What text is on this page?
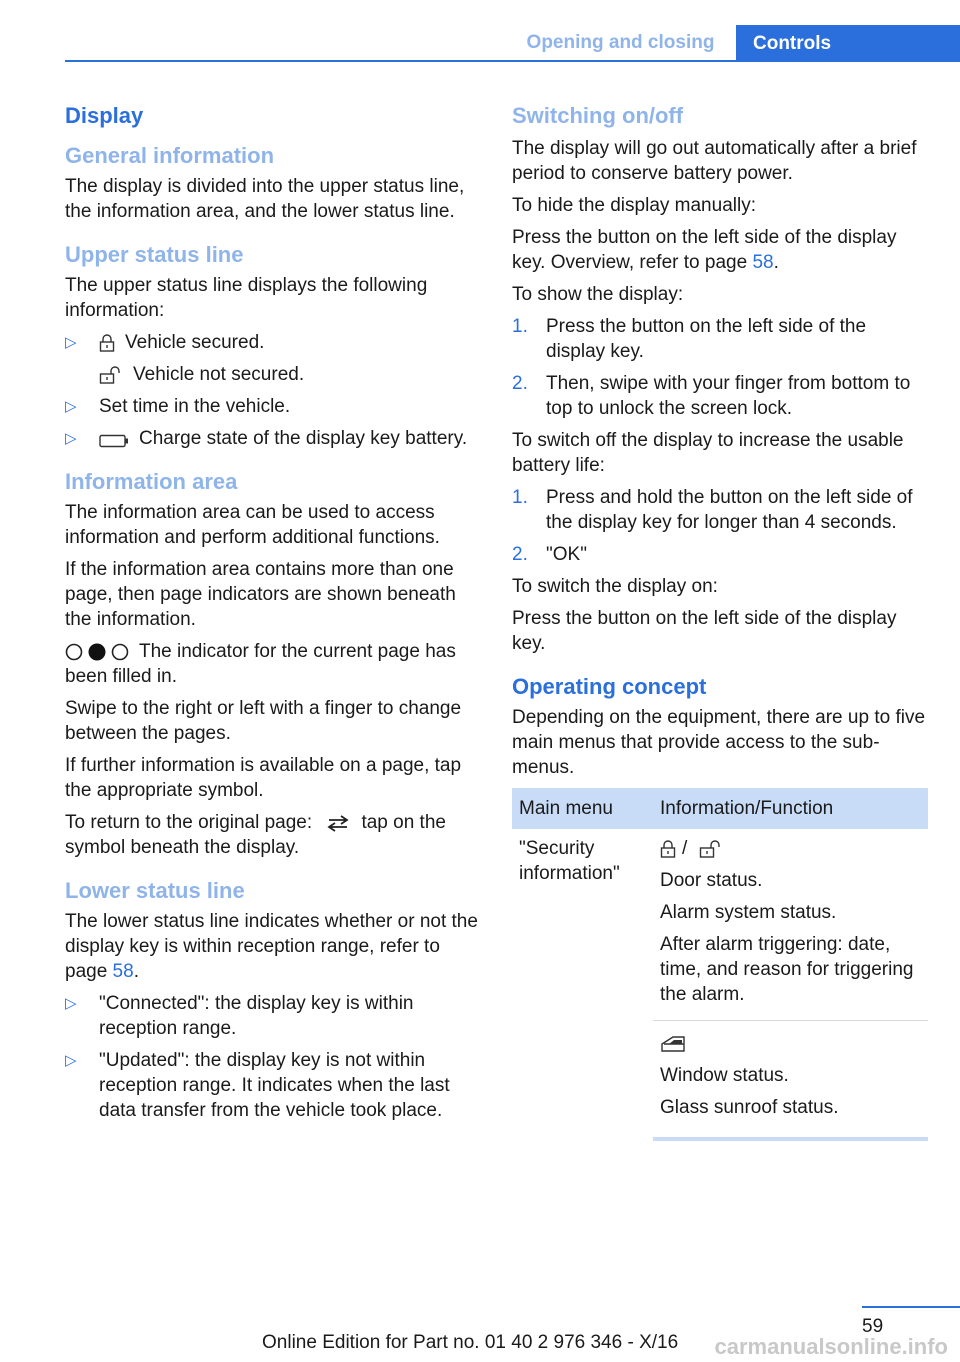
Opening and closing	Controls
Display
General information

The display is divided into the upper status line, the information area, and the lower status line.

Upper status line

The upper status line displays the following information:

▷ Vehicle secured.
Vehicle not secured.
▷ Set time in the vehicle.
▷ Charge state of the display key battery.
Information area

The information area can be used to access information and perform additional functions.

If the information area contains more than one page, then page indicators are shown beneath the information.

The indicator for the current page has been filled in.

Swipe to the right or left with a finger to change between the pages.

If further information is available on a page, tap the appropriate symbol.

To return to the original page:	tap on the symbol beneath the display.

Lower status line

The lower status line indicates whether or not the display key is within reception range, refer to page 58.

▷ "Connected": the display key is within reception range.
▷ "Updated": the display key is not within reception range. It indicates when the last data transfer from the vehicle took place.
Switching on/off

The display will go out automatically after a brief period to conserve battery power.

To hide the display manually:

Press the button on the left side of the display key. Overview, refer to page 58.

To show the display:

1. Press the button on the left side of the display key.
2. Then, swipe with your finger from bottom to top to unlock the screen lock.

To switch off the display to increase the usable battery life:

1. Press and hold the button on the left side of the display key for longer than 4 seconds.
2. "OK"

To switch the display on:

Press the button on the left side of the display key.

Operating concept

Depending on the equipment, there are up to five main menus that provide access to the sub-menus.

Main menu	Information/Function
"Security information"	/

Door status.

Alarm system status.

After alarm triggering: date, time, and reason for triggering the alarm.

	Window status.

Glass sunroof status.

59
Online Edition for Part no. 01 40 2 976 346 - X/16 carmanualsonline.info
